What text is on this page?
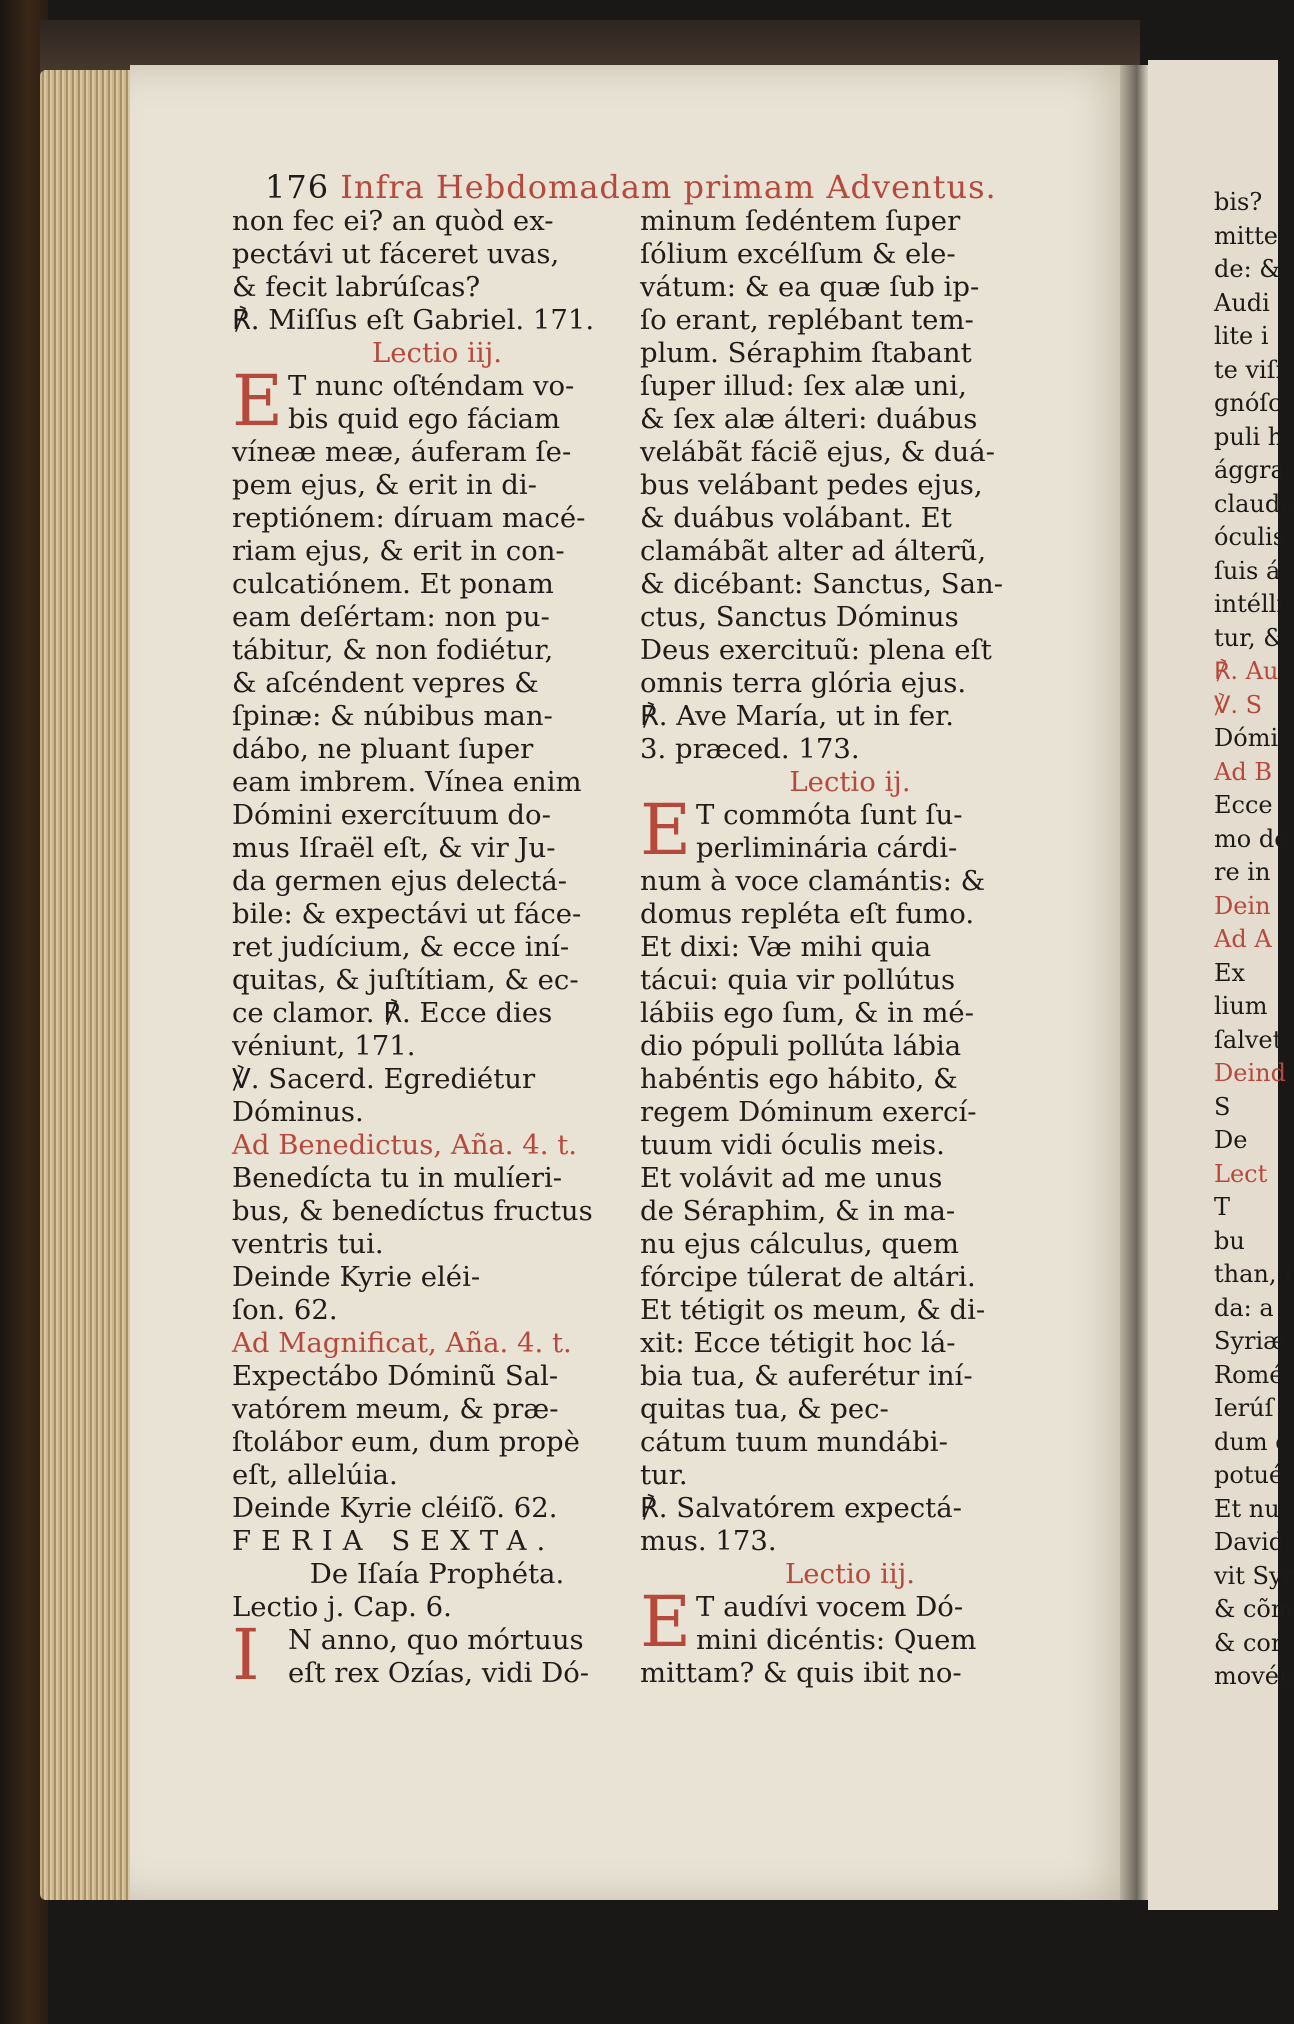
bis?
mitte
de: &
Audi
lite i
te viſi
gnóſc
puli h
ággra
claude
óculis
ſuis á
intélli
tur, &
℟. Au
℣. S
Dómi
Ad B
Ecce
mo de
re in
Dein
Ad A
Ex
lium
ſalvet
Deind
S
De
Lect
T
bu
than, f
da: a
Syriæ
Romé
Ierúſ
dum c
potué
Et nu
David,
vit Syr
& cõm
& cor
movén
176 Infra Hebdomadam primam Adventus.
non fec ei? an quòd ex-
pectávi ut fáceret uvas,
& fecit labrúſcas?
℟. Miſſus eſt Gabriel. 171.
Lectio iij.
E T nunc oſténdam vo-
bis quid ego fáciam
víneæ meæ, áuferam ſe-
pem ejus, & erit in di-
reptiónem: díruam macé-
riam ejus, & erit in con-
culcatiónem. Et ponam
eam deſértam: non pu-
tábitur, & non fodiétur,
& aſcéndent vepres &
ſpinæ: & núbibus man-
dábo, ne pluant ſuper
eam imbrem. Vínea enim
Dómini exercítuum do-
mus Iſraël eſt, & vir Ju-
da germen ejus delectá-
bile: & expectávi ut fáce-
ret judícium, & ecce iní-
quitas, & juſtítiam, & ec-
ce clamor. ℟. Ecce dies
véniunt, 171.
℣. Sacerd. Egrediétur
Dóminus.
Ad Benedictus, Aña. 4. t.
Benedícta tu in mulíeri-
bus, & benedíctus fructus
ventris tui.
Deinde Kyrie eléi-
ſon. 62.
Ad Magnificat, Aña. 4. t.
Expectábo Dóminũ Sal-
vatórem meum, & præ-
ſtolábor eum, dum propè
eſt, allelúia.
Deinde Kyrie cléiſõ. 62.
FERIA SEXTA.
De Iſaía Prophéta.
Lectio j. Cap. 6.
I	N anno, quo mórtuus
eſt rex Ozías, vidi Dó-
minum ſedéntem ſuper
ſólium excélſum & ele-
vátum: & ea quæ ſub ip-
ſo erant, replébant tem-
plum. Séraphim ſtabant
ſuper illud: ſex alæ uni,
& ſex alæ álteri: duábus
velábãt fáciẽ ejus, & duá-
bus velábant pedes ejus,
& duábus volábant. Et
clamábãt alter ad álterũ,
& dicébant: Sanctus, San-
ctus, Sanctus Dóminus
Deus exercituũ: plena eſt
omnis terra glória ejus.
℟. Ave María, ut in fer.
3. præced. 173.
Lectio ij.
E T commóta ſunt ſu-
perliminária cárdi-
num à voce clamántis: &
domus repléta eſt fumo.
Et dixi: Væ mihi quia
tácui: quia vir pollútus
lábiis ego ſum, & in mé-
dio pópuli pollúta lábia
habéntis ego hábito, &
regem Dóminum exercí-
tuum vidi óculis meis.
Et volávit ad me unus
de Séraphim, & in ma-
nu ejus cálculus, quem
fórcipe túlerat de altári.
Et tétigit os meum, & di-
xit: Ecce tétigit hoc lá-
bia tua, & auferétur iní-
quitas tua, & pec-
cátum tuum mundábi-
tur.
℟. Salvatórem expectá-
mus. 173.
Lectio iij.
E T audívi vocem Dó-
mini dicéntis: Quem
mittam? & quis ibit no-
